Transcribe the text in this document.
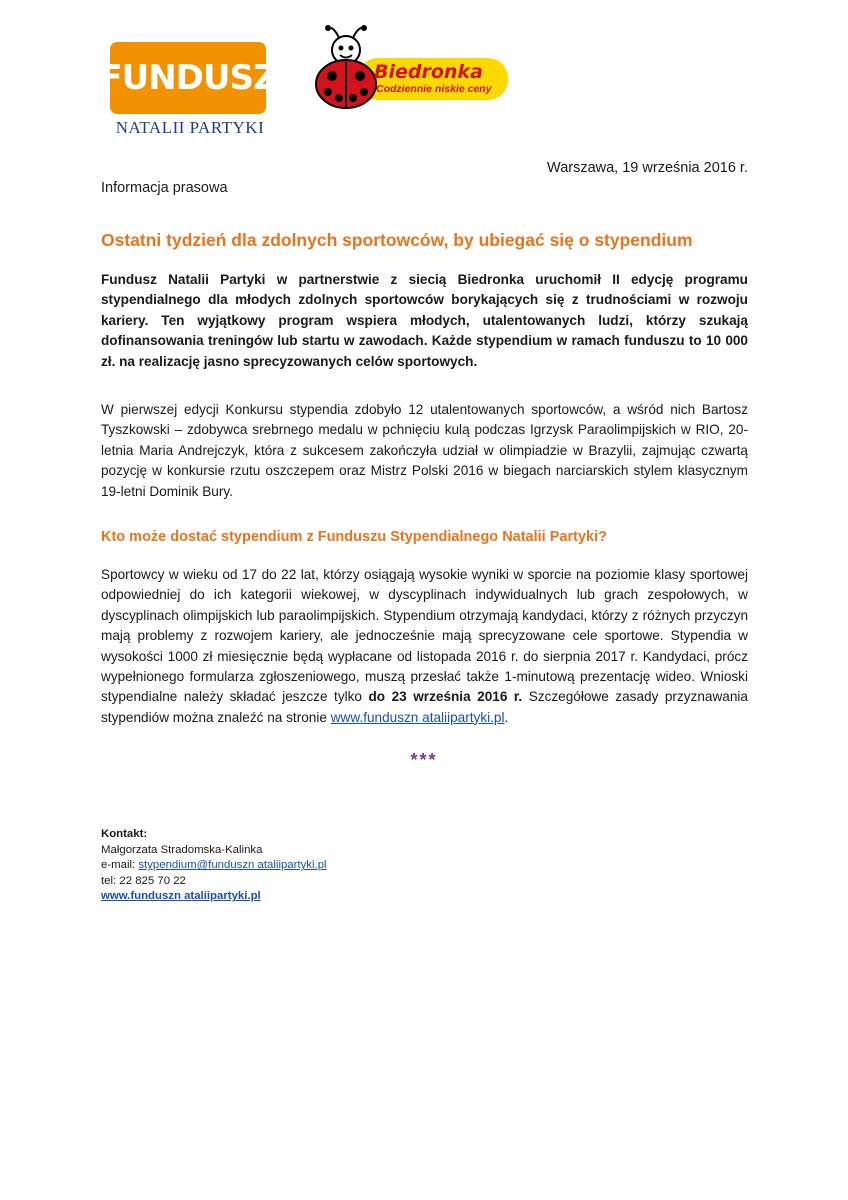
FUNDUSZ
NATALII PARTYKI
Biedronka
Codziennie niskie ceny
Warszawa, 19 września 2016 r.
Informacja prasowa
Ostatni tydzień dla zdolnych sportowców, by ubiegać się o stypendium

Fundusz Natalii Partyki w partnerstwie z siecią Biedronka uruchomił II edycję programu stypendialnego dla młodych zdolnych sportowców borykających się z trudnościami w rozwoju kariery. Ten wyjątkowy program wspiera młodych, utalentowanych ludzi, którzy szukają dofinansowania treningów lub startu w zawodach. Każde stypendium w ramach funduszu to 10 000 zł. na realizację jasno sprecyzowanych celów sportowych.

W pierwszej edycji Konkursu stypendia zdobyło 12 utalentowanych sportowców, a wśród nich Bartosz Tyszkowski – zdobywca srebrnego medalu w pchnięciu kulą podczas Igrzysk Paraolimpijskich w RIO, 20-letnia Maria Andrejczyk, która z sukcesem zakończyła udział w olimpiadzie w Brazylii, zajmując czwartą pozycję w konkursie rzutu oszczepem oraz Mistrz Polski 2016 w biegach narciarskich stylem klasycznym 19-letni Dominik Bury.

Kto może dostać stypendium z Funduszu Stypendialnego Natalii Partyki?

Sportowcy w wieku od 17 do 22 lat, którzy osiągają wysokie wyniki w sporcie na poziomie klasy sportowej odpowiedniej do ich kategorii wiekowej, w dyscyplinach indywidualnych lub grach zespołowych, w dyscyplinach olimpijskich lub paraolimpijskich. Stypendium otrzymają kandydaci, którzy z różnych przyczyn mają problemy z rozwojem kariery, ale jednocześnie mają sprecyzowane cele sportowe. Stypendia w wysokości 1000 zł miesięcznie będą wypłacane od listopada 2016 r. do sierpnia 2017 r. Kandydaci, prócz wypełnionego formularza zgłoszeniowego, muszą przesłać także 1-minutową prezentację wideo. Wnioski stypendialne należy składać jeszcze tylko do 23 września 2016 r. Szczegółowe zasady przyznawania stypendiów można znaleźć na stronie www.funduszn ataliipartyki.pl.

***
Kontakt:
Małgorzata Stradomska-Kalinka
e-mail: stypendium@funduszn ataliipartyki.pl
tel: 22 825 70 22
www.funduszn ataliipartyki.pl
